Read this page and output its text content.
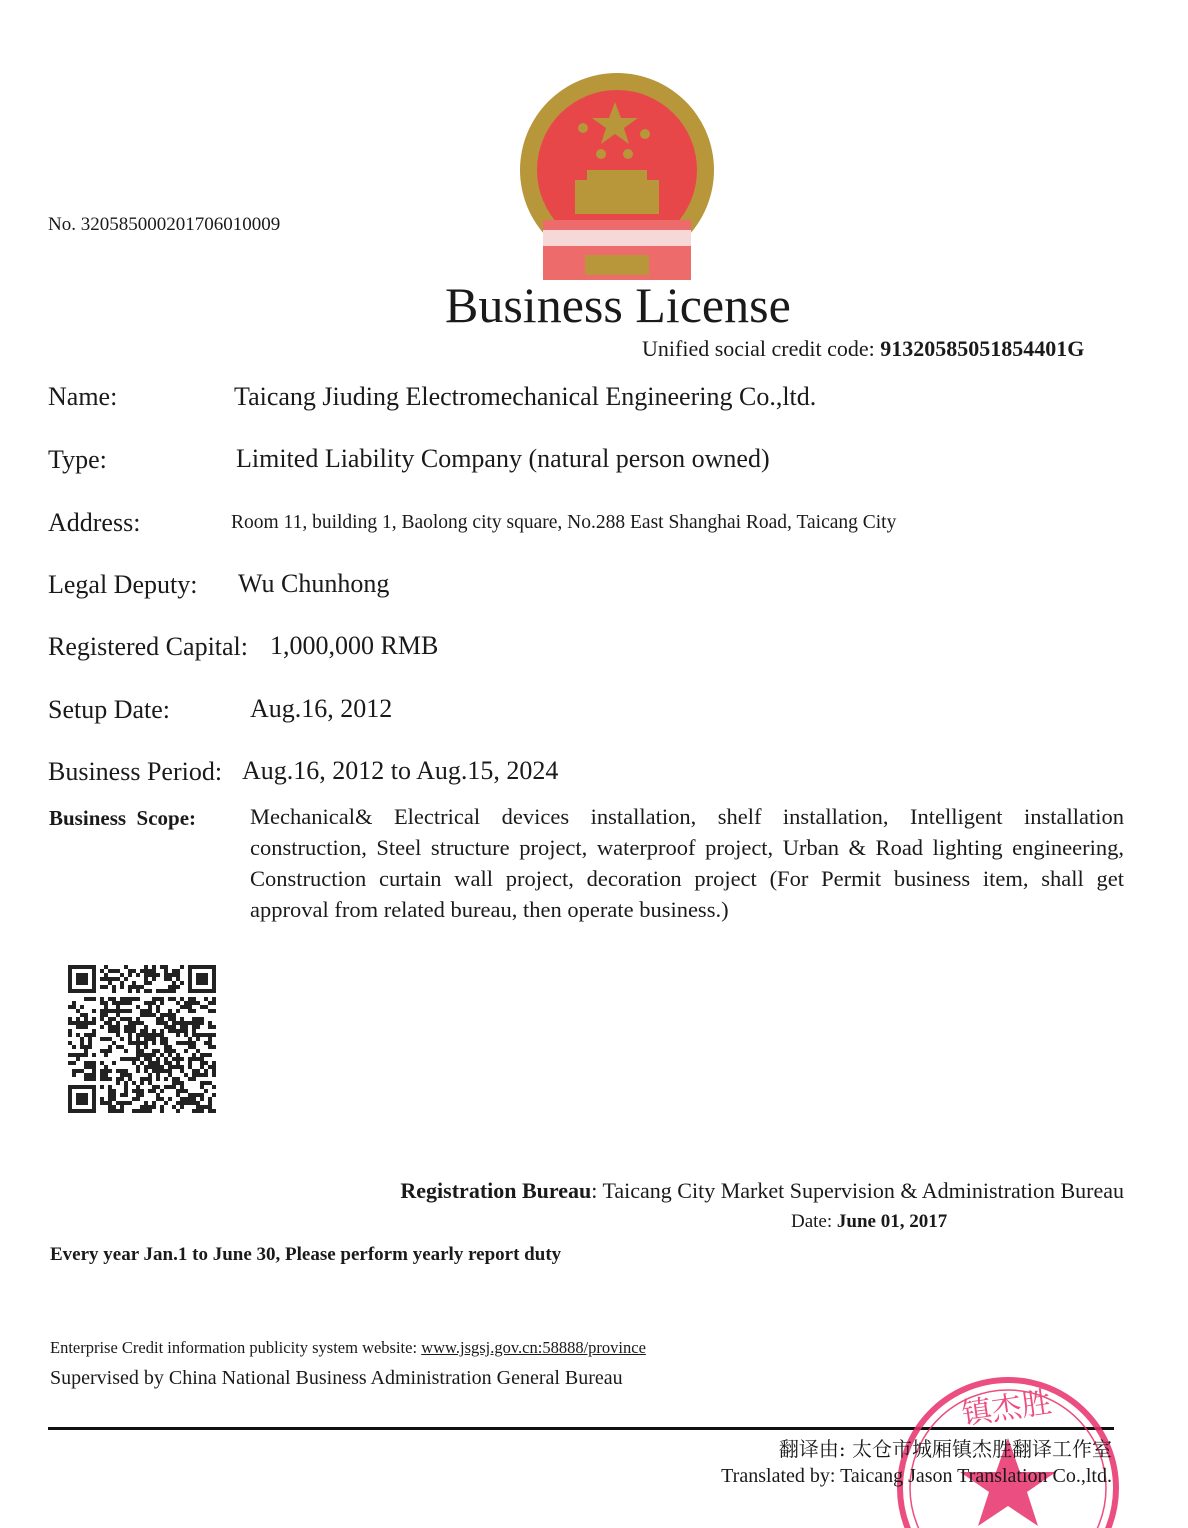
No. 320585000201706010009
Business License
Unified social credit code: 91320585051854401G
Name:	Taicang Jiuding Electromechanical Engineering Co.,ltd.
Type:	Limited Liability Company (natural person owned)
Address:	Room 11, building 1, Baolong city square, No.288 East Shanghai Road, Taicang City
Legal Deputy: Wu Chunhong
Registered Capital: 1,000,000 RMB
Setup Date:	Aug.16, 2012
Business Period: Aug.16, 2012 to Aug.15, 2024
Business  Scope: Mechanical& Electrical devices installation, shelf installation, Intelligent installation construction, Steel structure project, waterproof project, Urban & Road lighting engineering, Construction curtain wall project, decoration project (For Permit business item, shall get approval from related bureau, then operate business.)
Registration Bureau: Taicang City Market Supervision & Administration Bureau
Date: June 01, 2017
Every year Jan.1 to June 30, Please perform yearly report duty
Enterprise Credit information publicity system website: www.jsgsj.gov.cn:58888/province
Supervised by China National Business Administration General Bureau
镇杰胜
翻译由: 太仓市城厢镇杰胜翻译工作室
Translated by: Taicang Jason Translation Co.,ltd.
